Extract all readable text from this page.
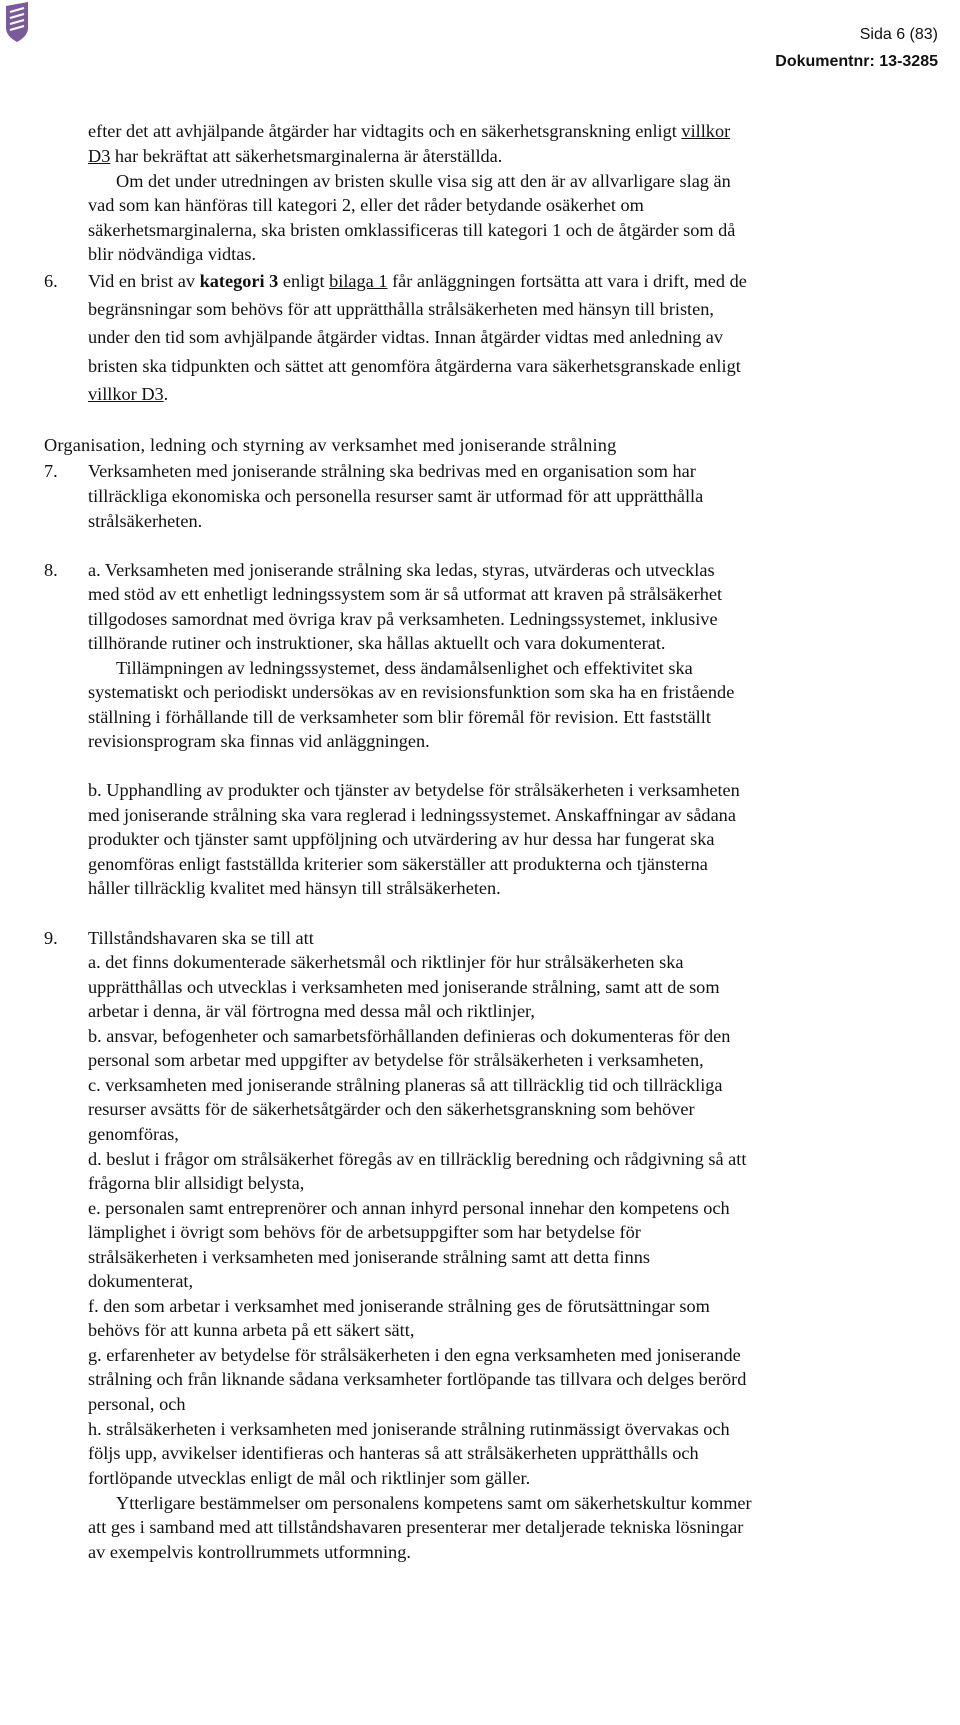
Sida 6 (83)
Dokumentnr: 13-3285
efter det att avhjälpande åtgärder har vidtagits och en säkerhetsgranskning enligt villkor
D3 har bekräftat att säkerhetsmarginalerna är återställda.
Om det under utredningen av bristen skulle visa sig att den är av allvarligare slag än
vad som kan hänföras till kategori 2, eller det råder betydande osäkerhet om
säkerhetsmarginalerna, ska bristen omklassificeras till kategori 1 och de åtgärder som då
blir nödvändiga vidtas.
6. Vid en brist av kategori 3 enligt bilaga 1 får anläggningen fortsätta att vara i drift, med de
begränsningar som behövs för att upprätthålla strålsäkerheten med hänsyn till bristen,
under den tid som avhjälpande åtgärder vidtas. Innan åtgärder vidtas med anledning av
bristen ska tidpunkten och sättet att genomföra åtgärderna vara säkerhetsgranskade enligt
villkor D3.
Organisation, ledning och styrning av verksamhet med joniserande strålning
7. Verksamheten med joniserande strålning ska bedrivas med en organisation som har
tillräckliga ekonomiska och personella resurser samt är utformad för att upprätthålla
strålsäkerheten.
8. a. Verksamheten med joniserande strålning ska ledas, styras, utvärderas och utvecklas
med stöd av ett enhetligt ledningssystem som är så utformat att kraven på strålsäkerhet
tillgodoses samordnat med övriga krav på verksamheten. Ledningssystemet, inklusive
tillhörande rutiner och instruktioner, ska hållas aktuellt och vara dokumenterat.
Tillämpningen av ledningssystemet, dess ändamålsenlighet och effektivitet ska
systematiskt och periodiskt undersökas av en revisionsfunktion som ska ha en fristående
ställning i förhållande till de verksamheter som blir föremål för revision. Ett fastställt
revisionsprogram ska finnas vid anläggningen.
b. Upphandling av produkter och tjänster av betydelse för strålsäkerheten i verksamheten
med joniserande strålning ska vara reglerad i ledningssystemet. Anskaffningar av sådana
produkter och tjänster samt uppföljning och utvärdering av hur dessa har fungerat ska
genomföras enligt fastställda kriterier som säkerställer att produkterna och tjänsterna
håller tillräcklig kvalitet med hänsyn till strålsäkerheten.
9. Tillståndshavaren ska se till att
a. det finns dokumenterade säkerhetsmål och riktlinjer för hur strålsäkerheten ska
upprätthållas och utvecklas i verksamheten med joniserande strålning, samt att de som
arbetar i denna, är väl förtrogna med dessa mål och riktlinjer,
b. ansvar, befogenheter och samarbetsförhållanden definieras och dokumenteras för den
personal som arbetar med uppgifter av betydelse för strålsäkerheten i verksamheten,
c. verksamheten med joniserande strålning planeras så att tillräcklig tid och tillräckliga
resurser avsätts för de säkerhetsåtgärder och den säkerhetsgranskning som behöver
genomföras,
d. beslut i frågor om strålsäkerhet föregås av en tillräcklig beredning och rådgivning så att
frågorna blir allsidigt belysta,
e. personalen samt entreprenörer och annan inhyrd personal innehar den kompetens och
lämplighet i övrigt som behövs för de arbetsuppgifter som har betydelse för
strålsäkerheten i verksamheten med joniserande strålning samt att detta finns
dokumenterat,
f. den som arbetar i verksamhet med joniserande strålning ges de förutsättningar som
behövs för att kunna arbeta på ett säkert sätt,
g. erfarenheter av betydelse för strålsäkerheten i den egna verksamheten med joniserande
strålning och från liknande sådana verksamheter fortlöpande tas tillvara och delges berörd
personal, och
h. strålsäkerheten i verksamheten med joniserande strålning rutinmässigt övervakas och
följs upp, avvikelser identifieras och hanteras så att strålsäkerheten upprätthålls och
fortlöpande utvecklas enligt de mål och riktlinjer som gäller.
Ytterligare bestämmelser om personalens kompetens samt om säkerhetskultur kommer
att ges i samband med att tillståndshavaren presenterar mer detaljerade tekniska lösningar
av exempelvis kontrollrummets utformning.
